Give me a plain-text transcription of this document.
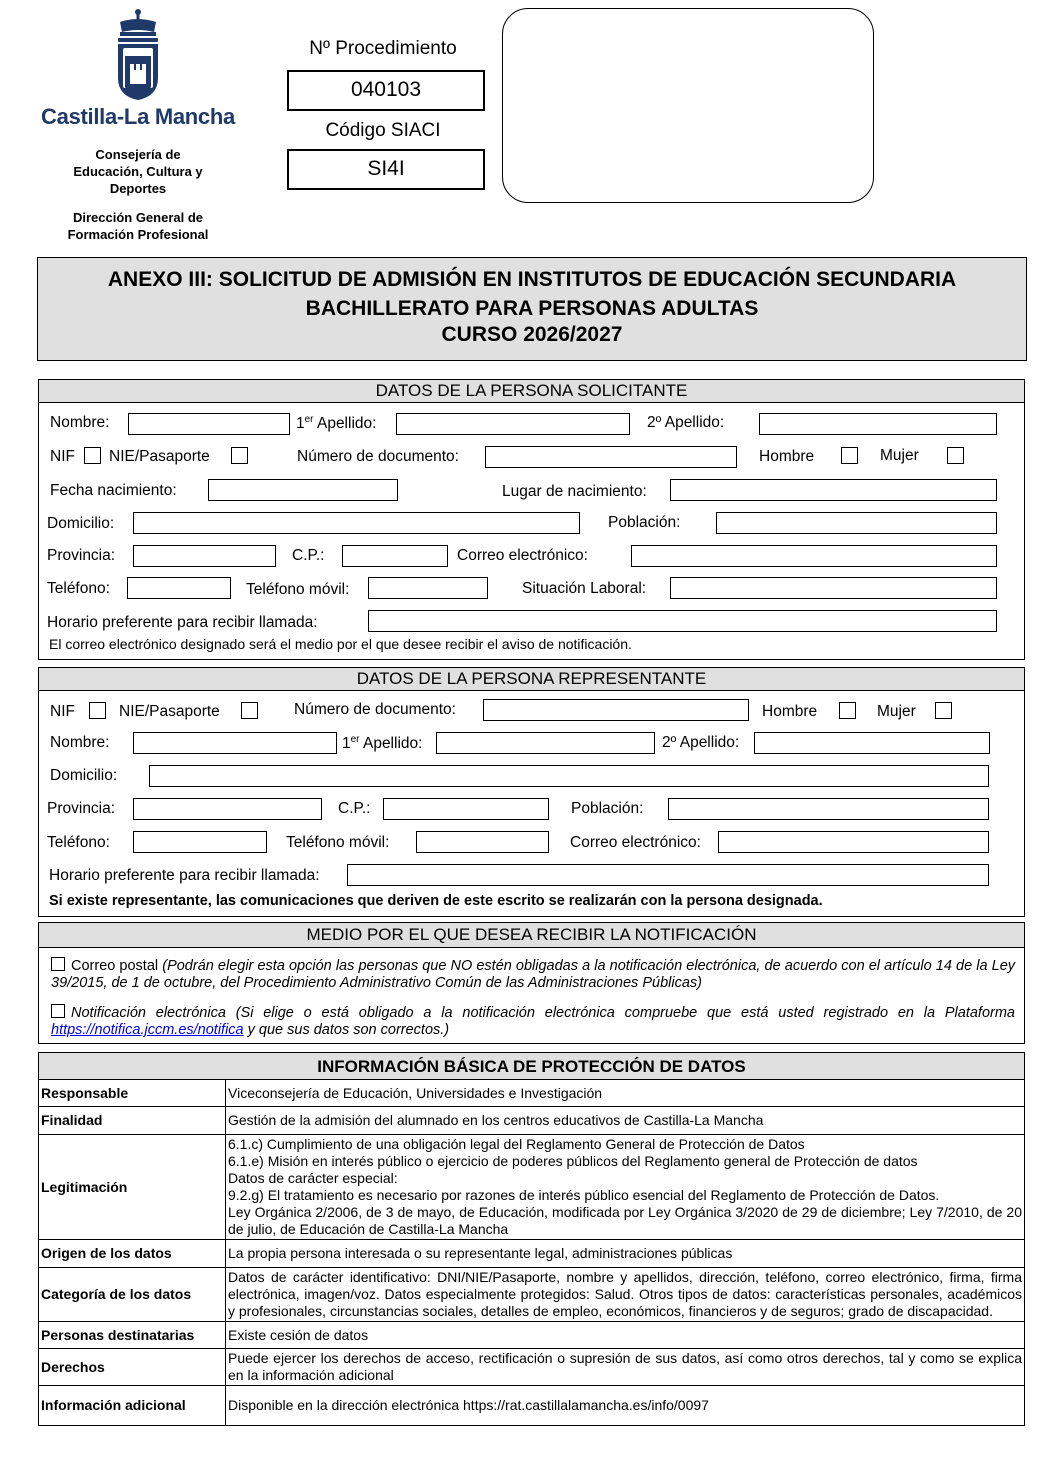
Castilla-La Mancha
Consejería de
Educación, Cultura y
Deportes
Dirección General de
Formación Profesional
Nº Procedimiento
040103
Código SIACI
SI4I
ANEXO III: SOLICITUD DE ADMISIÓN EN INSTITUTOS DE EDUCACIÓN SECUNDARIA
BACHILLERATO PARA PERSONAS ADULTAS
CURSO 2026/2027
DATOS DE LA PERSONA SOLICITANTE
Nombre:	1er Apellido:	2º Apellido:
NIF NIE/Pasaporte	Número de documento:	Hombre	Mujer
Fecha nacimiento:	Lugar de nacimiento:
Domicilio:	Población:
Provincia:	C.P.:	Correo electrónico:
Teléfono:	Teléfono móvil:	Situación Laboral:
Horario preferente para recibir llamada:
El correo electrónico designado será el medio por el que desee recibir el aviso de notificación.
DATOS DE LA PERSONA REPRESENTANTE
NIF	NIE/Pasaporte	Número de documento:	Hombre	Mujer
Nombre:	1er Apellido:	2º Apellido:
Domicilio:
Provincia:	C.P.:	Población:
Teléfono:	Teléfono móvil:	Correo electrónico:
Horario preferente para recibir llamada:
Si existe representante, las comunicaciones que deriven de este escrito se realizarán con la persona designada.
MEDIO POR EL QUE DESEA RECIBIR LA NOTIFICACIÓN
Correo postal (Podrán elegir esta opción las personas que NO estén obligadas a la notificación electrónica, de acuerdo con el artículo 14 de la Ley 39/2015, de 1 de octubre, del Procedimiento Administrativo Común de las Administraciones Públicas)
Notificación electrónica (Si elige o está obligado a la notificación electrónica compruebe que está usted registrado en la Plataforma https://notifica.jccm.es/notifica y que sus datos son correctos.)
INFORMACIÓN BÁSICA DE PROTECCIÓN DE DATOS	
Responsable	Viceconsejería de Educación, Universidades e Investigación
Finalidad	Gestión de la admisión del alumnado en los centros educativos de Castilla-La Mancha
Legitimación	6.1.c) Cumplimiento de una obligación legal del Reglamento General de Protección de Datos
6.1.e) Misión en interés público o ejercicio de poderes públicos del Reglamento general de Protección de datos
Datos de carácter especial:
9.2.g) El tratamiento es necesario por razones de interés público esencial del Reglamento de Protección de Datos.
Ley Orgánica 2/2006, de 3 de mayo, de Educación, modificada por Ley Orgánica 3/2020 de 29 de diciembre; Ley 7/2010, de 20 de julio, de Educación de Castilla-La Mancha

Origen de los datos	La propia persona interesada o su representante legal, administraciones públicas
Categoría de los datos	Datos de carácter identificativo: DNI/NIE/Pasaporte, nombre y apellidos, dirección, teléfono, correo electrónico, firma, firma electrónica, imagen/voz. Datos especialmente protegidos: Salud. Otros tipos de datos: características personales, académicos y profesionales, circunstancias sociales, detalles de empleo, económicos, financieros y de seguros; grado de discapacidad.
Personas destinatarias	Existe cesión de datos
Derechos	Puede ejercer los derechos de acceso, rectificación o supresión de sus datos, así como otros derechos, tal y como se explica en la información adicional
Información adicional	Disponible en la dirección electrónica https://rat.castillalamancha.es/info/0097
